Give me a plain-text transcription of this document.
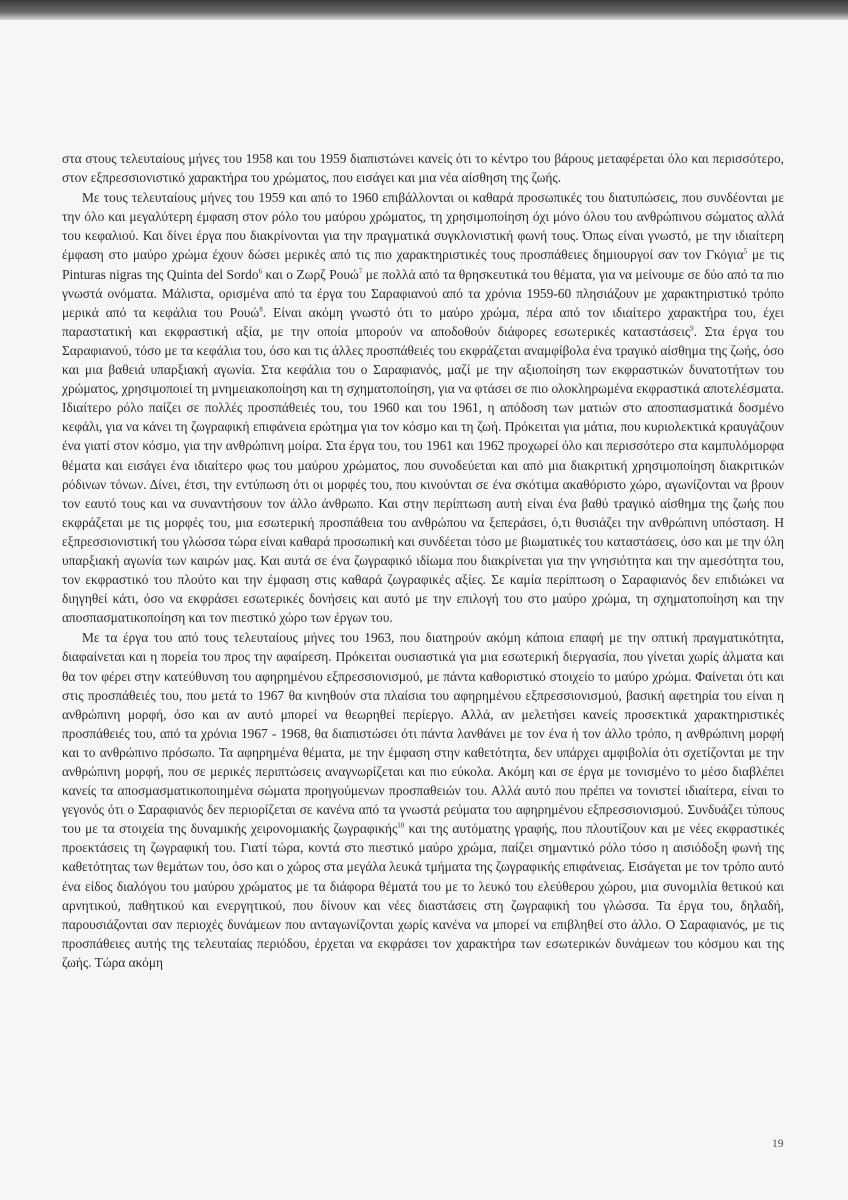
στα στους τελευταίους μήνες του 1958 και του 1959 διαπιστώνει κανείς ότι το κέντρο του βάρους μεταφέρεται όλο και περισσότερο, στον εξπρεσσιονιστικό χαρακτήρα του χρώματος, που εισάγει και μια νέα αίσθηση της ζωής.

Με τους τελευταίους μήνες του 1959 και από το 1960 επιβάλλονται οι καθαρά προσωπικές του διατυπώσεις, που συνδέονται με την όλο και μεγαλύτερη έμφαση στον ρόλο του μαύρου χρώματος, τη χρησιμοποίηση όχι μόνο όλου του ανθρώπινου σώματος αλλά του κεφαλιού. Και δίνει έργα που διακρίνονται για την πραγματικά συγκλονιστική φωνή τους. Όπως είναι γνωστό, με την ιδιαίτερη έμφαση στο μαύρο χρώμα έχουν δώσει μερικές από τις πιο χαρακτηριστικές τους προσπάθειες δημιουργοί σαν τον Γκόγια$^5$ με τις Pinturas nigras της Quinta del Sordo$^6$ και ο Ζωρζ Ρουώ$^7$ με πολλά από τα θρησκευτικά του θέματα, για να μείνουμε σε δύο από τα πιο γνωστά ονόματα. Μάλιστα, ορισμένα από τα έργα του Σαραφιανού από τα χρόνια 1959-60 πλησιάζουν με χαρακτηριστικό τρόπο μερικά από τα κεφάλια του Ρουώ$^8$. Είναι ακόμη γνωστό ότι το μαύρο χρώμα, πέρα από τον ιδιαίτερο χαρακτήρα του, έχει παραστατική και εκφραστική αξία, με την οποία μπορούν να αποδοθούν διάφορες εσωτερικές καταστάσεις$^9$. Στα έργα του Σαραφιανού, τόσο με τα κεφάλια του, όσο και τις άλλες προσπάθειές του εκφράζεται αναμφίβολα ένα τραγικό αίσθημα της ζωής, όσο και μια βαθειά υπαρξιακή αγωνία. Στα κεφάλια του ο Σαραφιανός, μαζί με την αξιοποίηση των εκφραστικών δυνατοτήτων του χρώματος, χρησιμοποιεί τη μνημειακοποίηση και τη σχηματοποίηση, για να φτάσει σε πιο ολοκληρωμένα εκφραστικά αποτελέσματα. Ιδιαίτερο ρόλο παίζει σε πολλές προσπάθειές του, του 1960 και του 1961, η απόδοση των ματιών στο αποσπασματικά δοσμένο κεφάλι, για να κάνει τη ζωγραφική επιφάνεια ερώτημα για τον κόσμο και τη ζωή. Πρόκειται για μάτια, που κυριολεκτικά κραυγάζουν ένα γιατί στον κόσμο, για την ανθρώπινη μοίρα. Στα έργα του, του 1961 και 1962 προχωρεί όλο και περισσότερο στα καμπυλόμορφα θέματα και εισάγει ένα ιδιαίτερο φως του μαύρου χρώματος, που συνοδεύεται και από μια διακριτική χρησιμοποίηση διακριτικών ρόδινων τόνων. Δίνει, έτσι, την εντύπωση ότι οι μορφές του, που κινούνται σε ένα σκότιμα ακαθόριστο χώρο, αγωνίζονται να βρουν τον εαυτό τους και να συναντήσουν τον άλλο άνθρωπο. Και στην περίπτωση αυτή είναι ένα βαθύ τραγικό αίσθημα της ζωής που εκφράζεται με τις μορφές του, μια εσωτερική προσπάθεια του ανθρώπου να ξεπεράσει, ό,τι θυσιάζει την ανθρώπινη υπόσταση. Η εξπρεσσιονιστική του γλώσσα τώρα είναι καθαρά προσωπική και συνδέεται τόσο με βιωματικές του καταστάσεις, όσο και με την όλη υπαρξιακή αγωνία των καιρών μας. Και αυτά σε ένα ζωγραφικό ιδίωμα που διακρίνεται για την γνησιότητα και την αμεσότητα του, τον εκφραστικό του πλούτο και την έμφαση στις καθαρά ζωγραφικές αξίες. Σε καμία περίπτωση ο Σαραφιανός δεν επιδιώκει να διηγηθεί κάτι, όσο να εκφράσει εσωτερικές δονήσεις και αυτό με την επιλογή του στο μαύρο χρώμα, τη σχηματοποίηση και την αποσπασματικοποίηση και τον πιεστικό χώρο των έργων του.

Με τα έργα του από τους τελευταίους μήνες του 1963, που διατηρούν ακόμη κάποια επαφή με την οπτική πραγματικότητα, διαφαίνεται και η πορεία του προς την αφαίρεση. Πρόκειται ουσιαστικά για μια εσωτερική διεργασία, που γίνεται χωρίς άλματα και θα τον φέρει στην κατεύθυνση του αφηρημένου εξπρεσσιονισμού, με πάντα καθοριστικό στοιχείο το μαύρο χρώμα. Φαίνεται ότι και στις προσπάθειές του, που μετά το 1967 θα κινηθούν στα πλαίσια του αφηρημένου εξπρεσσιονισμού, βασική αφετηρία του είναι η ανθρώπινη μορφή, όσο και αν αυτό μπορεί να θεωρηθεί περίεργο. Αλλά, αν μελετήσει κανείς προσεκτικά χαρακτηριστικές προσπάθειές του, από τα χρόνια 1967 - 1968, θα διαπιστώσει ότι πάντα λανθάνει με τον ένα ή τον άλλο τρόπο, η ανθρώπινη μορφή και το ανθρώπινο πρόσωπο. Τα αφηρημένα θέματα, με την έμφαση στην καθετότητα, δεν υπάρχει αμφιβολία ότι σχετίζονται με την ανθρώπινη μορφή, που σε μερικές περιπτώσεις αναγνωρίζεται και πιο εύκολα. Ακόμη και σε έργα με τονισμένο το μέσο διαβλέπει κανείς τα αποσμασματικοποιημένα σώματα προηγούμενων προσπαθειών του. Αλλά αυτό που πρέπει να τονιστεί ιδιαίτερα, είναι το γεγονός ότι ο Σαραφιανός δεν περιορίζεται σε κανένα από τα γνωστά ρεύματα του αφηρημένου εξπρεσσιονισμού. Συνδυάζει τύπους του με τα στοιχεία της δυναμικής χειρονομιακής ζωγραφικής$^{10}$ και της αυτόματης γραφής, που πλουτίζουν και με νέες εκφραστικές προεκτάσεις τη ζωγραφική του. Γιατί τώρα, κοντά στο πιεστικό μαύρο χρώμα, παίζει σημαντικό ρόλο τόσο η αισιόδοξη φωνή της καθετότητας των θεμάτων του, όσο και ο χώρος στα μεγάλα λευκά τμήματα της ζωγραφικής επιφάνειας. Εισάγεται με τον τρόπο αυτό ένα είδος διαλόγου του μαύρου χρώματος με τα διάφορα θέματά του με το λευκό του ελεύθερου χώρου, μια συνομιλία θετικού και αρνητικού, παθητικού και ενεργητικού, που δίνουν και νέες διαστάσεις στη ζωγραφική του γλώσσα. Τα έργα του, δηλαδή, παρουσιάζονται σαν περιοχές δυνάμεων που ανταγωνίζονται χωρίς κανένα να μπορεί να επιβληθεί στο άλλο. Ο Σαραφιανός, με τις προσπάθειες αυτής της τελευταίας περιόδου, έρχεται να εκφράσει τον χαρακτήρα των εσωτερικών δυνάμεων του κόσμου και της ζωής. Τώρα ακόμη

19
